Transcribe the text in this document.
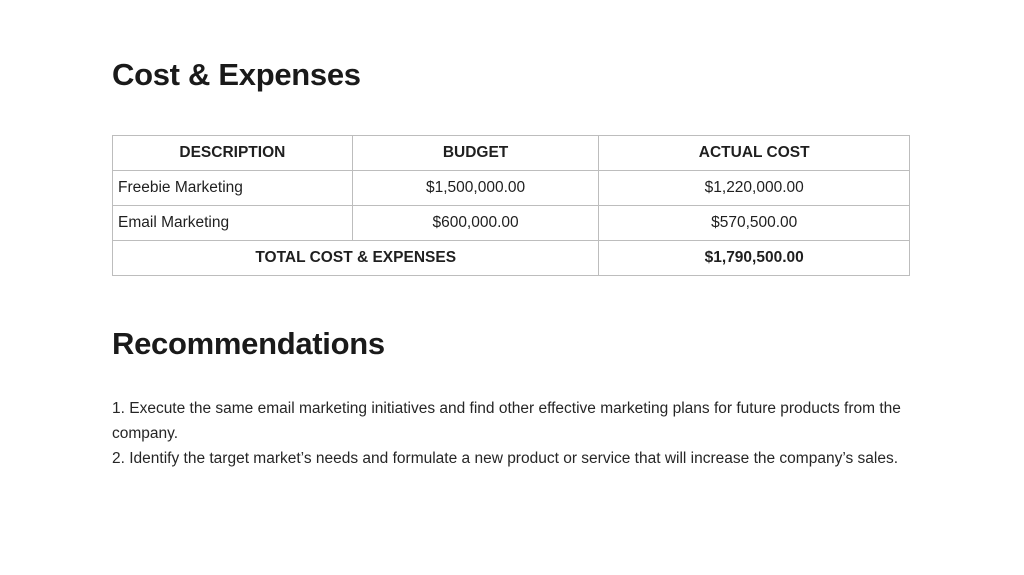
Cost & Expenses
DESCRIPTION	BUDGET	ACTUAL COST
Freebie Marketing	$1,500,000.00	$1,220,000.00
Email Marketing	$600,000.00	$570,500.00
TOTAL COST & EXPENSES		$1,790,500.00
Recommendations

1. Execute the same email marketing initiatives and find other effective marketing plans for future products from the company.

2. Identify the target market’s needs and formulate a new product or service that will increase the company’s sales.
